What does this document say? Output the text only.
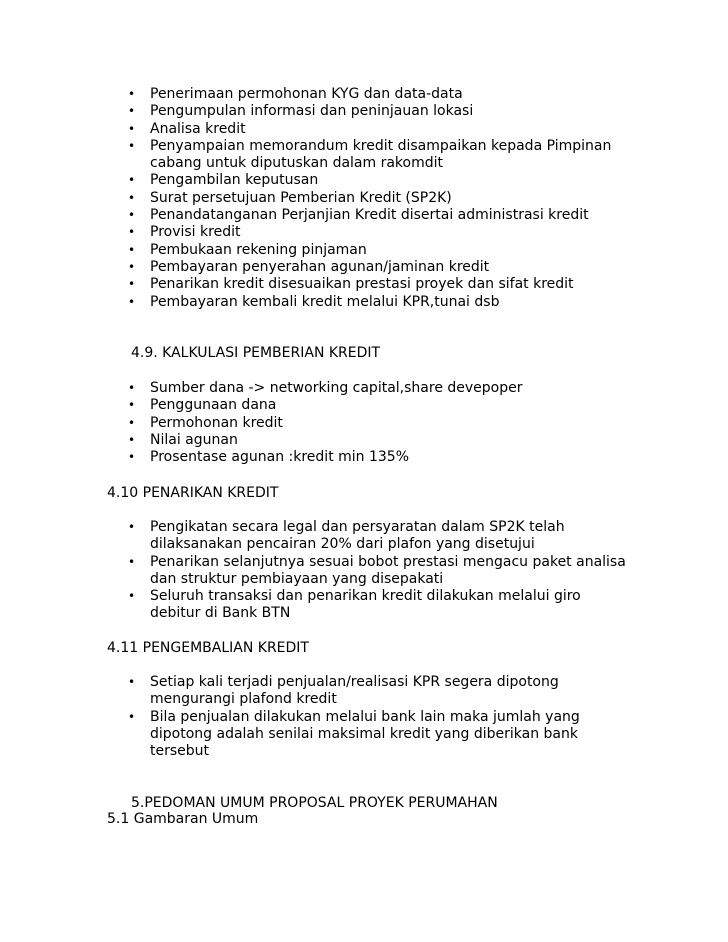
• Penerimaan permohonan KYG dan data-data
• Pengumpulan informasi dan peninjauan lokasi
• Analisa kredit
• Penyampaian memorandum kredit disampaikan kepada Pimpinan cabang untuk diputuskan dalam rakomdit
• Pengambilan keputusan
• Surat persetujuan Pemberian Kredit (SP2K)
• Penandatanganan Perjanjian Kredit disertai administrasi kredit
• Provisi kredit
• Pembukaan rekening pinjaman
• Pembayaran penyerahan agunan/jaminan kredit
• Penarikan kredit disesuaikan prestasi proyek dan sifat kredit
• Pembayaran kembali kredit melalui KPR,tunai dsb
4.9. KALKULASI PEMBERIAN KREDIT
• Sumber dana -> networking capital,share devepoper
• Penggunaan dana
• Permohonan kredit
• Nilai agunan
• Prosentase agunan :kredit min 135%
4.10 PENARIKAN KREDIT
• Pengikatan secara legal dan persyaratan dalam SP2K telah dilaksanakan pencairan 20% dari plafon yang disetujui
• Penarikan selanjutnya sesuai bobot prestasi mengacu paket analisa dan struktur pembiayaan yang disepakati
• Seluruh transaksi dan penarikan kredit dilakukan melalui giro debitur di Bank BTN
4.11 PENGEMBALIAN KREDIT
• Setiap kali terjadi penjualan/realisasi KPR segera dipotong mengurangi plafond kredit
• Bila penjualan dilakukan melalui bank lain maka jumlah yang dipotong adalah senilai maksimal kredit yang diberikan bank tersebut
5.PEDOMAN UMUM PROPOSAL PROYEK PERUMAHAN
5.1 Gambaran Umum
